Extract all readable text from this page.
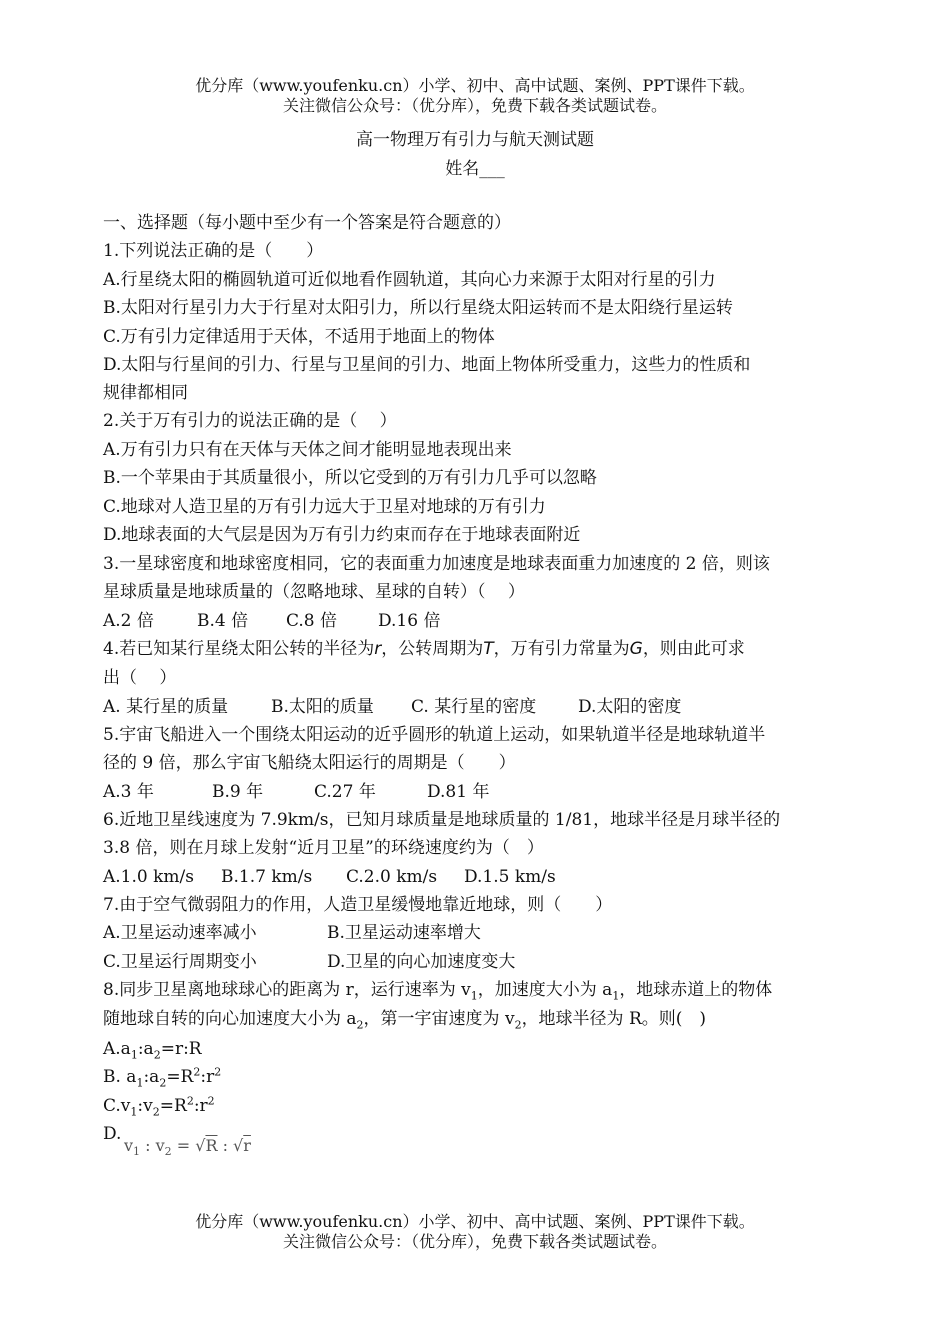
优分库（www.youfenku.cn）小学、初中、高中试题、案例、PPT课件下载。
关注微信公众号：（优分库），免费下载各类试题试卷。
高一物理万有引力与航天测试题
姓名___
一、选择题（每小题中至少有一个答案是符合题意的）
1.下列说法正确的是（　　）
A.行星绕太阳的椭圆轨道可近似地看作圆轨道，其向心力来源于太阳对行星的引力
B.太阳对行星引力大于行星对太阳引力，所以行星绕太阳运转而不是太阳绕行星运转
C.万有引力定律适用于天体，不适用于地面上的物体
D.太阳与行星间的引力、行星与卫星间的引力、地面上物体所受重力，这些力的性质和
规律都相同
2.关于万有引力的说法正确的是（　 ）
A.万有引力只有在天体与天体之间才能明显地表现出来
B.一个苹果由于其质量很小，所以它受到的万有引力几乎可以忽略
C.地球对人造卫星的万有引力远大于卫星对地球的万有引力
D.地球表面的大气层是因为万有引力约束而存在于地球表面附近
3.一星球密度和地球密度相同，它的表面重力加速度是地球表面重力加速度的 2 倍，则该
星球质量是地球质量的（忽略地球、星球的自转）（　 ）
A.2 倍	B.4 倍 C.8 倍 D.16 倍
4.若已知某行星绕太阳公转的半径为r，公转周期为T，万有引力常量为G，则由此可求
出（　 ）
A. 某行星的质量	B.太阳的质量 C. 某行星的密度 D.太阳的密度
5.宇宙飞船进入一个围绕太阳运动的近乎圆形的轨道上运动，如果轨道半径是地球轨道半
径的 9 倍，那么宇宙飞船绕太阳运行的周期是（　　）
A.3 年	B.9 年	C.27 年	D.81 年
6.近地卫星线速度为 7.9km/s，已知月球质量是地球质量的 1/81，地球半径是月球半径的
3.8 倍，则在月球上发射“近月卫星”的环绕速度约为（　）
A.1.0 km/s B.1.7 km/s C.2.0 km/s D.1.5 km/s
7.由于空气微弱阻力的作用，人造卫星缓慢地靠近地球，则（　　）
A.卫星运动速率减小	B.卫星运动速率增大
C.卫星运行周期变小	D.卫星的向心加速度变大
8.同步卫星离地球球心的距离为 r，运行速率为 $v_1$，加速度大小为 $a_1$，地球赤道上的物体
随地球自转的向心加速度大小为 $a_2$，第一宇宙速度为 $v_2$，地球半径为 R。则(　)
$A.a_1:a_2=r:R$
B. $a_1:a_2=R^2:r^2$
$C.v_1:v_2=R^2:r^2$
D.
$v_1$ : $v_2 = √R$ : √r
优分库（www.youfenku.cn）小学、初中、高中试题、案例、PPT课件下载。
关注微信公众号：（优分库），免费下载各类试题试卷。
